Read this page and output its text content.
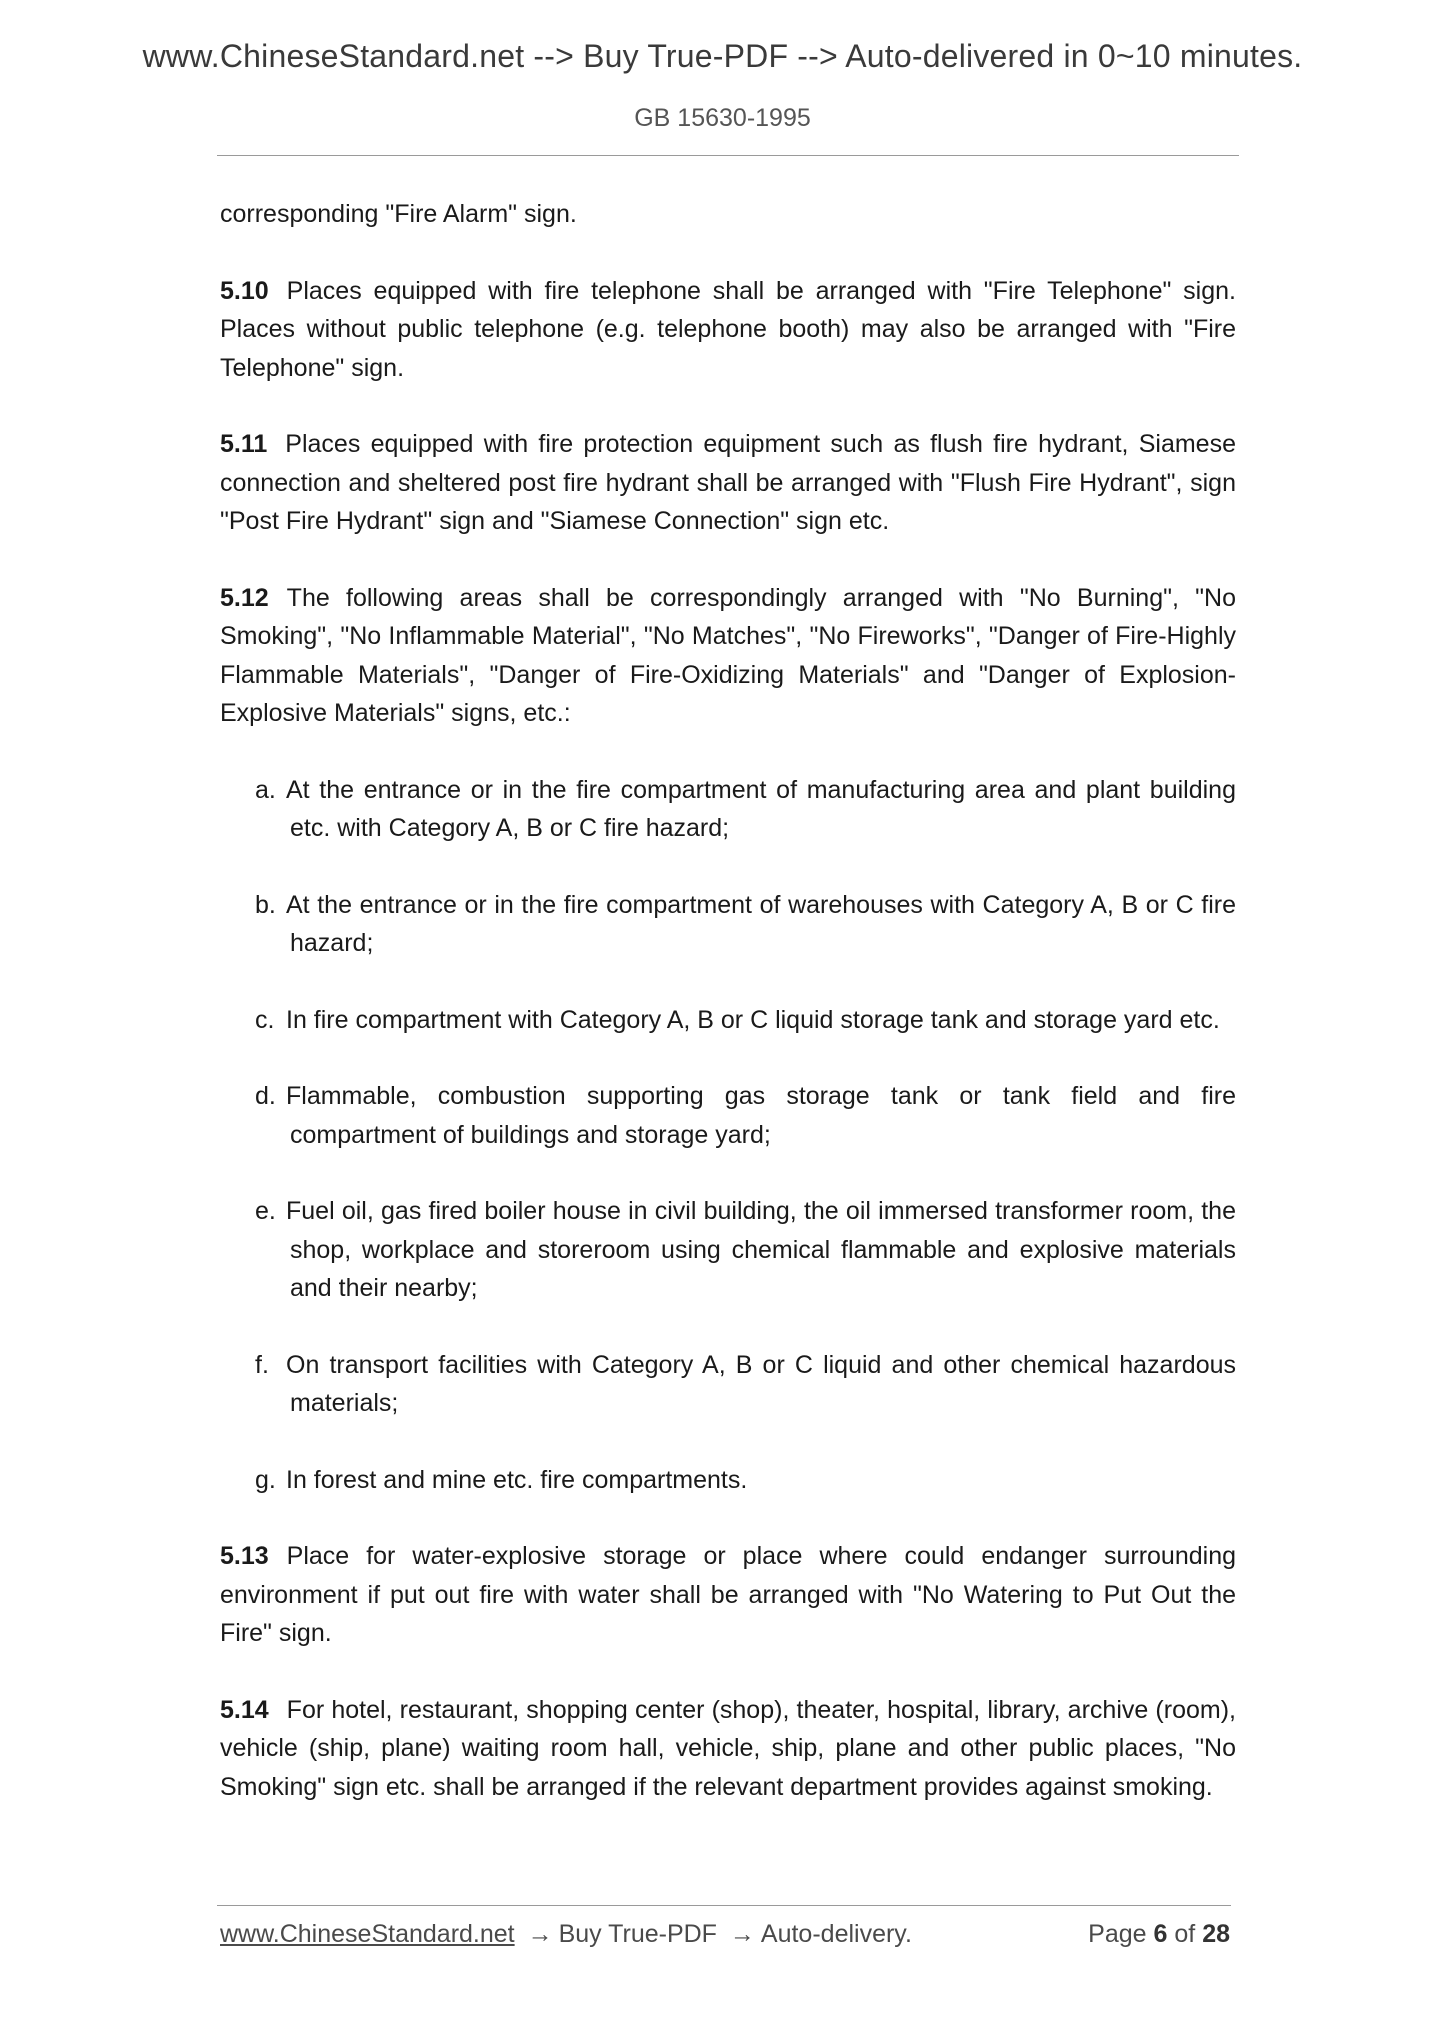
www.ChineseStandard.net --> Buy True-PDF --> Auto-delivered in 0~10 minutes.
GB 15630-1995

corresponding "Fire Alarm" sign.

5.10 Places equipped with fire telephone shall be arranged with "Fire Telephone" sign. Places without public telephone (e.g. telephone booth) may also be arranged with "Fire Telephone" sign.

5.11 Places equipped with fire protection equipment such as flush fire hydrant, Siamese connection and sheltered post fire hydrant shall be arranged with "Flush Fire Hydrant", sign "Post Fire Hydrant" sign and "Siamese Connection" sign etc.

5.12 The following areas shall be correspondingly arranged with "No Burning", "No Smoking", "No Inflammable Material", "No Matches", "No Fireworks", "Danger of Fire-Highly Flammable Materials", "Danger of Fire-Oxidizing Materials" and "Danger of Explosion-Explosive Materials" signs, etc.:

a. At the entrance or in the fire compartment of manufacturing area and plant building etc. with Category A, B or C fire hazard;
b. At the entrance or in the fire compartment of warehouses with Category A, B or C fire hazard;
c. In fire compartment with Category A, B or C liquid storage tank and storage yard etc.
d. Flammable, combustion supporting gas storage tank or tank field and fire compartment of buildings and storage yard;
e. Fuel oil, gas fired boiler house in civil building, the oil immersed transformer room, the shop, workplace and storeroom using chemical flammable and explosive materials and their nearby;
f. On transport facilities with Category A, B or C liquid and other chemical hazardous materials;
g. In forest and mine etc. fire compartments.

5.13 Place for water-explosive storage or place where could endanger surrounding environment if put out fire with water shall be arranged with "No Watering to Put Out the Fire" sign.

5.14 For hotel, restaurant, shopping center (shop), theater, hospital, library, archive (room), vehicle (ship, plane) waiting room hall, vehicle, ship, plane and other public places, "No Smoking" sign etc. shall be arranged if the relevant department provides against smoking.

www.ChineseStandard.net → Buy True-PDF → Auto-delivery.	Page 6 of 28
